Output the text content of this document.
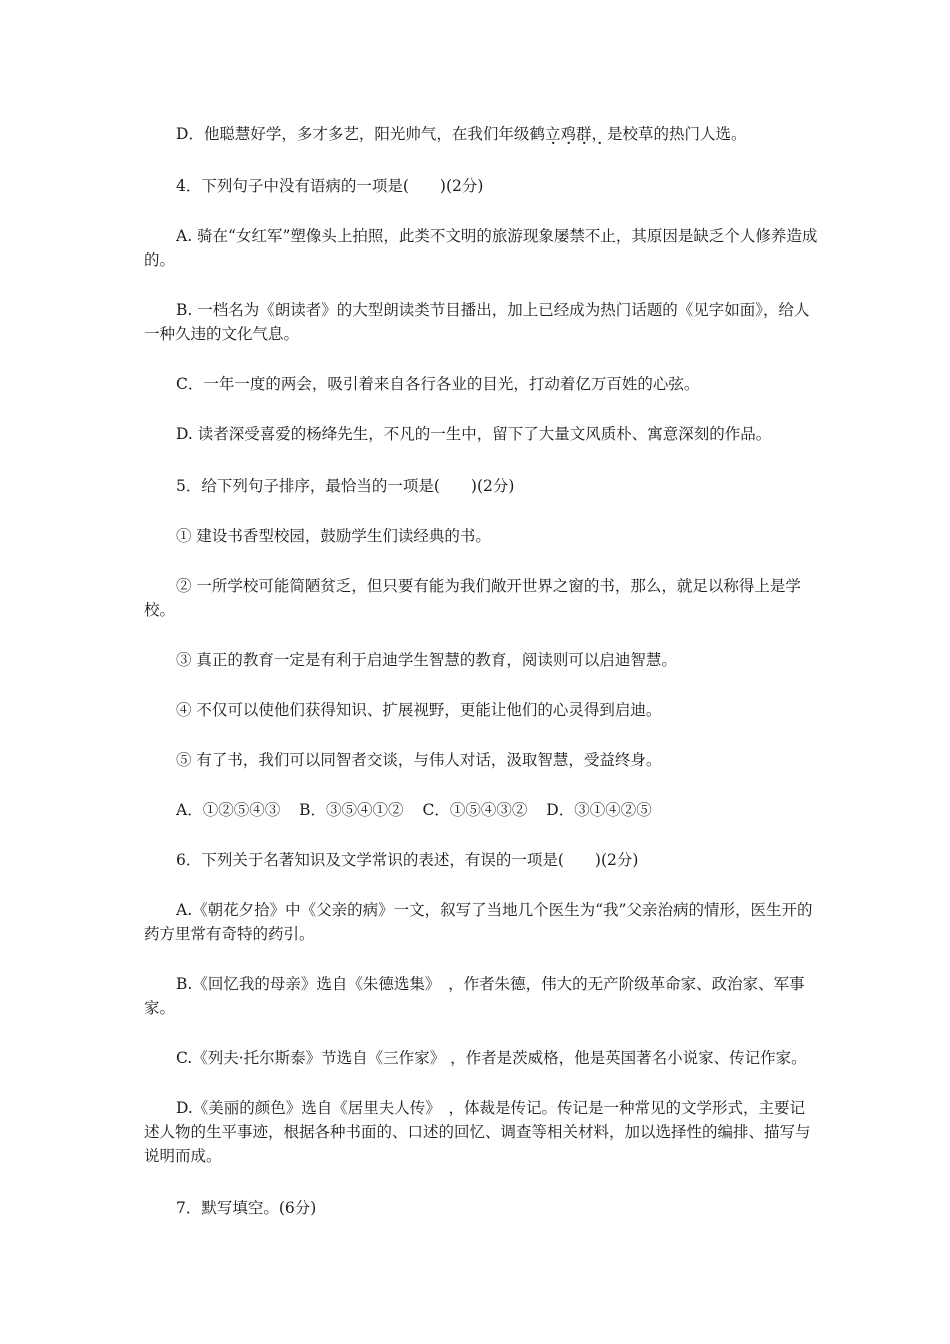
D．他聪慧好学，多才多艺，阳光帅气，在我们年级鹤立鸡群，是校草的热门人选。

4．下列句子中没有语病的一项是(　　)(2分)

A. 骑在“女红军”塑像头上拍照，此类不文明的旅游现象屡禁不止，其原因是缺乏个人修养造成的。

B. 一档名为《朗读者》的大型朗读类节目播出，加上已经成为热门话题的《见字如面》，给人一种久违的文化气息。

C．一年一度的两会，吸引着来自各行各业的目光，打动着亿万百姓的心弦。

D. 读者深受喜爱的杨绛先生，不凡的一生中，留下了大量文风质朴、寓意深刻的作品。

5．给下列句子排序，最恰当的一项是(　　)(2分)

① 建设书香型校园，鼓励学生们读经典的书。

② 一所学校可能简陋贫乏，但只要有能为我们敞开世界之窗的书，那么，就足以称得上是学校。

③ 真正的教育一定是有利于启迪学生智慧的教育，阅读则可以启迪智慧。

④ 不仅可以使他们获得知识、扩展视野，更能让他们的心灵得到启迪。

⑤ 有了书，我们可以同智者交谈，与伟人对话，汲取智慧，受益终身。

A．①②⑤④③ B．③⑤④①② C．①⑤④③② D．③①④②⑤

6．下列关于名著知识及文学常识的表述，有误的一项是(　　)(2分)

A.《朝花夕拾》中《父亲的病》一文，叙写了当地几个医生为“我”父亲治病的情形，医生开的药方里常有奇特的药引。

B.《回忆我的母亲》选自《朱德选集》　，作者朱德，伟大的无产阶级革命家、政治家、军事家。

C.《列夫·托尔斯泰》节选自《三作家》 ，作者是茨威格，他是英国著名小说家、传记作家。

D.《美丽的颜色》选自《居里夫人传》　，体裁是传记。传记是一种常见的文学形式，主要记述人物的生平事迹，根据各种书面的、口述的回忆、调查等相关材料，加以选择性的编排、描写与说明而成。

7．默写填空。(6分)
